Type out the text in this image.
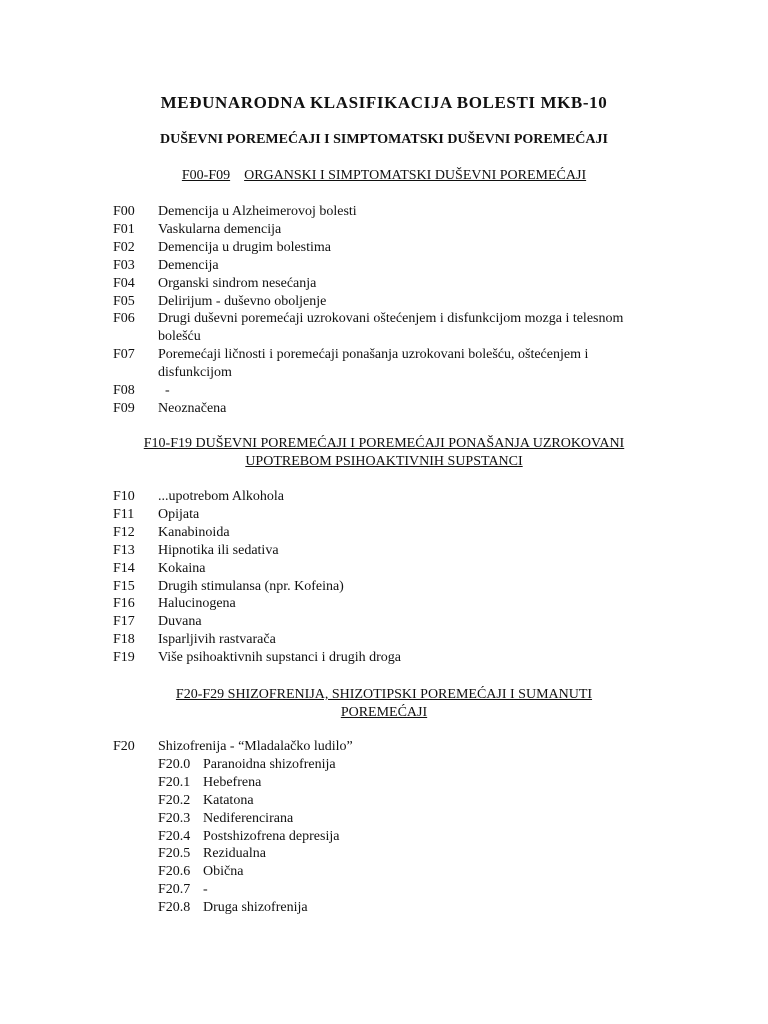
MEĐUNARODNA KLASIFIKACIJA BOLESTI MKB-10
DUŠEVNI POREMEĆAJI I SIMPTOMATSKI DUŠEVNI POREMEĆAJI
F00-F09 ORGANSKI I SIMPTOMATSKI DUŠEVNI POREMEĆAJI
F00	Demencija u Alzheimerovoj bolesti
F01	Vaskularna demencija
F02	Demencija u drugim bolestima
F03	Demencija
F04	Organski sindrom nesećanja
F05	Delirijum - duševno oboljenje
F06	Drugi duševni poremećaji uzrokovani oštećenjem i disfunkcijom mozga i telesnom bolešću
F07	Poremećaji ličnosti i poremećaji ponašanja uzrokovani bolešću, oštećenjem i disfunkcijom
F08	-
F09	Neoznačena
F10-F19 DUŠEVNI POREMEĆAJI I POREMEĆAJI PONAŠANJA UZROKOVANI
UPOTREBOM PSIHOAKTIVNIH SUPSTANCI
F10	...upotrebom Alkohola
F11	Opijata
F12	Kanabinoida
F13	Hipnotika ili sedativa
F14	Kokaina
F15	Drugih stimulansa (npr. Kofeina)
F16	Halucinogena
F17	Duvana
F18	Isparljivih rastvarača
F19	Više psihoaktivnih supstanci i drugih droga
F20-F29 SHIZOFRENIJA, SHIZOTIPSKI POREMEĆAJI I SUMANUTI
POREMEĆAJI
F20	Shizofrenija - “Mladalačko ludilo”
F20.0 Paranoidna shizofrenija
F20.1 Hebefrena
F20.2 Katatona
F20.3 Nediferencirana
F20.4 Postshizofrena depresija
F20.5 Rezidualna
F20.6 Obična
F20.7 -
F20.8 Druga shizofrenija
